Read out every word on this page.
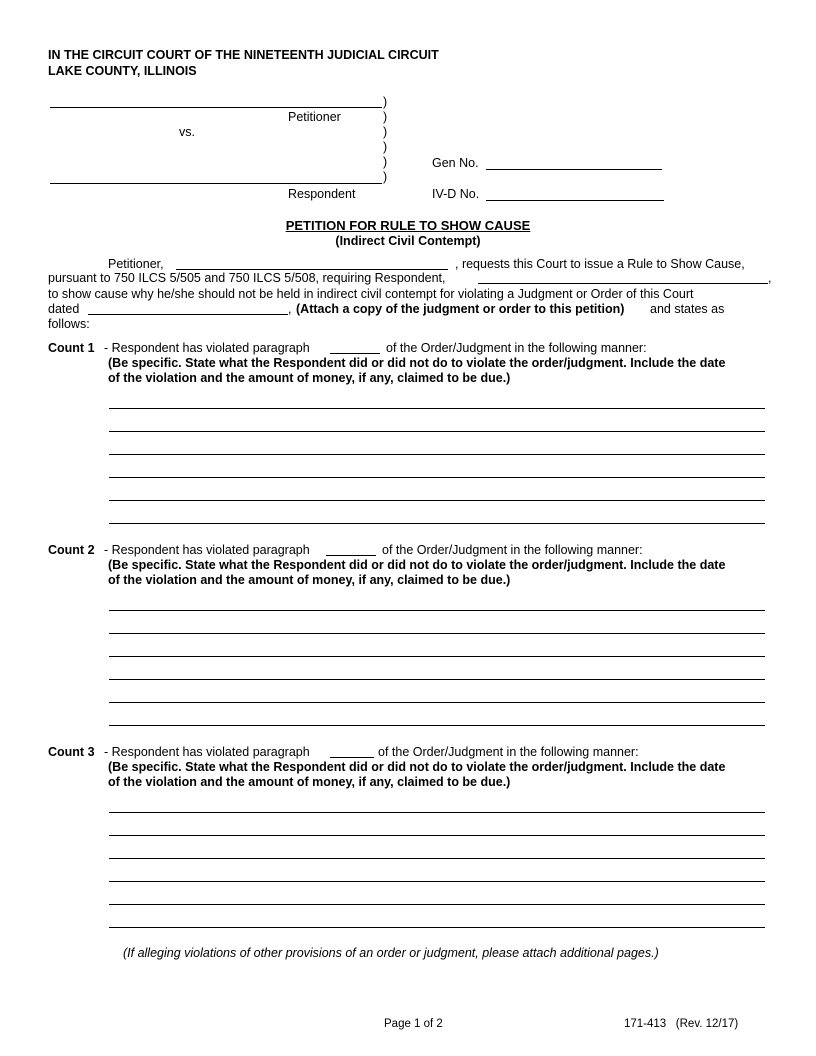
IN THE CIRCUIT COURT OF THE NINETEENTH JUDICIAL CIRCUIT
LAKE COUNTY, ILLINOIS
)
Petitioner	)
vs.	)
)
)	Gen No.
)
Respondent	IV-D No.
PETITION FOR RULE TO SHOW CAUSE
(Indirect Civil Contempt)
Petitioner,	, requests this Court to issue a Rule to Show Cause,
pursuant to 750 ILCS 5/505 and 750 ILCS 5/508, requiring Respondent,	,
to show cause why he/she should not be held in indirect civil contempt for violating a Judgment or Order of this Court
dated	, (Attach a copy of the judgment or order to this petition) and states as
follows:
Count 1 - Respondent has violated paragraph	of the Order/Judgment in the following manner:
(Be specific. State what the Respondent did or did not do to violate the order/judgment. Include the date
of the violation and the amount of money, if any, claimed to be due.)
Count 2 - Respondent has violated paragraph	of the Order/Judgment in the following manner:
(Be specific. State what the Respondent did or did not do to violate the order/judgment. Include the date
of the violation and the amount of money, if any, claimed to be due.)
Count 3 - Respondent has violated paragraph	of the Order/Judgment in the following manner:
(Be specific. State what the Respondent did or did not do to violate the order/judgment. Include the date
of the violation and the amount of money, if any, claimed to be due.)
(If alleging violations of other provisions of an order or judgment, please attach additional pages.)
Page 1 of 2	171-413   (Rev. 12/17)
